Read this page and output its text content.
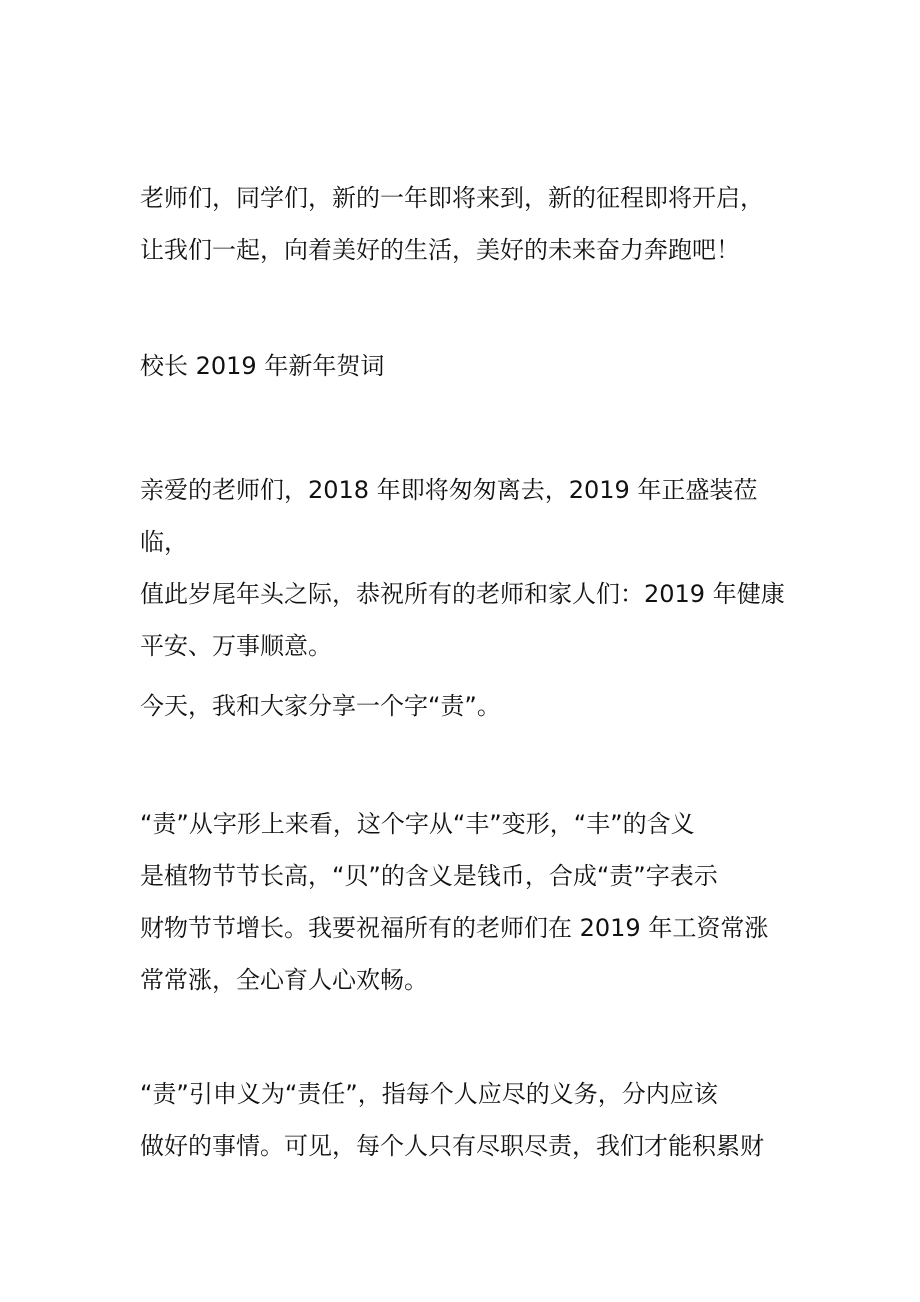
老师们，同学们，新的一年即将来到，新的征程即将开启，
让我们一起，向着美好的生活，美好的未来奋力奔跑吧！

校长 2019 年新年贺词

亲爱的老师们，2018 年即将匆匆离去，2019 年正盛装莅临，
值此岁尾年头之际，恭祝所有的老师和家人们：2019 年健康
平安、万事顺意。

今天，我和大家分享一个字“责”。

“责”从字形上来看，这个字从“丰”变形，“丰”的含义
是植物节节长高，“贝”的含义是钱币，合成“责”字表示
财物节节增长。我要祝福所有的老师们在 2019 年工资常涨
常常涨，全心育人心欢畅。

“责”引申义为“责任”，指每个人应尽的义务，分内应该
做好的事情。可见，每个人只有尽职尽责，我们才能积累财
